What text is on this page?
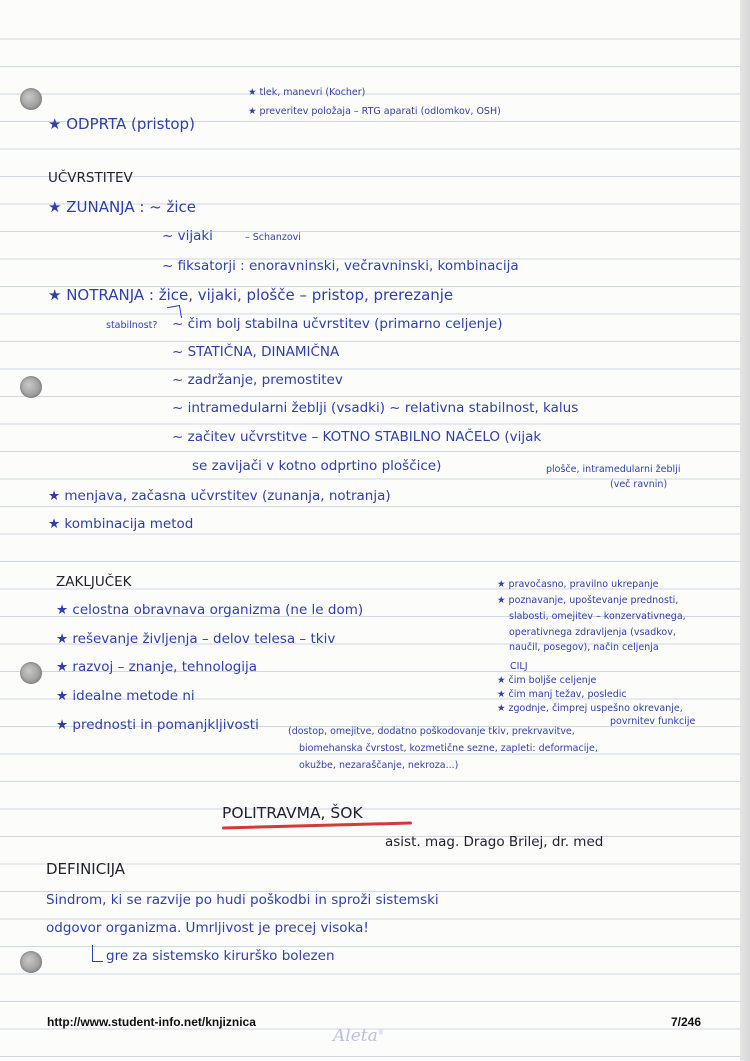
★ tlek, manevri (Kocher)
★ preveritev položaja – RTG aparati (odlomkov, OSH)
★ ODPRTA (pristop)
UČVRSTITEV
★ ZUNANJA : ~ žice
~ vijaki	– Schanzovi
~ fiksatorji : enoravninski, večravninski, kombinacija
★ NOTRANJA : žice, vijaki, plošče – pristop, prerezanje
stabilnost? ~ čim bolj stabilna učvrstitev (primarno celjenje)
~ STATIČNA, DINAMIČNA
~ zadržanje, premostitev
~ intramedularni žeblji (vsadki) ~ relativna stabilnost, kalus
~ začitev učvrstitve – KOTNO STABILNO NAČELO (vijak
se zavijači v kotno odprtino ploščice)	plošče, intramedularni žeblji
(več ravnin)
★ menjava, začasna učvrstitev (zunanja, notranja)
★ kombinacija metod
ZAKLJUČEK
★ celostna obravnava organizma (ne le dom)
★ reševanje življenja – delov telesa – tkiv
★ razvoj – znanje, tehnologija
★ idealne metode ni
★ prednosti in pomanjkljivosti	(dostop, omejitve, dodatno poškodovanje tkiv, prekrvavitve,
biomehanska čvrstost, kozmetične sezne, zapleti: deformacije,
okužbe, nezaraščanje, nekroza...)
★ pravočasno, pravilno ukrepanje
★ poznavanje, upoštevanje prednosti,
slabosti, omejitev – konzervativnega,
operativnega zdravljenja (vsadkov,
naučil, posegov), način celjenja
CILJ
★ čim boljše celjenje
★ čim manj težav, posledic
★ zgodnje, čimprej uspešno okrevanje,
povrnitev funkcije
POLITRAVMA, ŠOK
asist. mag. Drago Brilej, dr. med
DEFINICIJA
Sindrom, ki se razvije po hudi poškodbi in sproži sistemski
odgovor organizma. Umrljivost je precej visoka!
gre za sistemsko kirurško bolezen
http://www.student-info.net/knjiznica	7/246
Aleta®
